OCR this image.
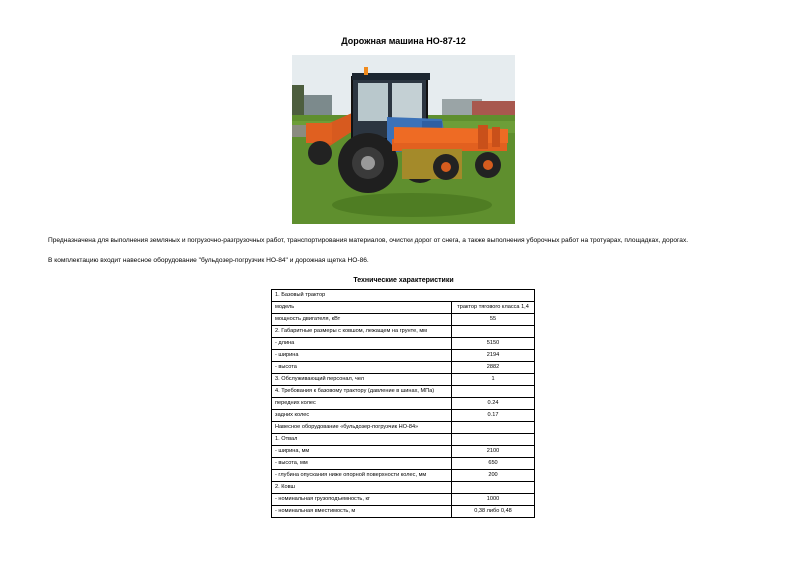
Дорожная машина НО-87-12
Предназначена для выполнения земляных и погрузочно-разгрузочных работ, транспортирования материалов, очистки дорог от снега, а также выполнения уборочных работ на тротуарах, площадках, дорогах.
В комплектацию входит навесное оборудование "бульдозер-погрузчик НО-84" и дорожная щетка НО-86.
Технические характеристики
1. Базовый трактор	
модель	трактор тягового класса 1,4
мощность двигателя, кВт	55
2. Габаритные размеры с ковшом, лежащем на грунте, мм	
- длина	5150
- ширина	2194
- высота	2882
3. Обслуживающий персонал, чел	1
4. Требования к базовому трактору (давление в шинах, МПа)	
передних колес	0.24
задних колес	0.17
Навесное оборудование «бульдозер-погрузчик НО-84»	
1. Отвал	
- ширина, мм	2100
- высота, мм	650
- глубина опускания ниже опорной поверхности колес, мм	200
2. Ковш	
- номинальная грузоподъемность, кг	1000
- номинальная вместимость, м	0,38 либо 0,48
